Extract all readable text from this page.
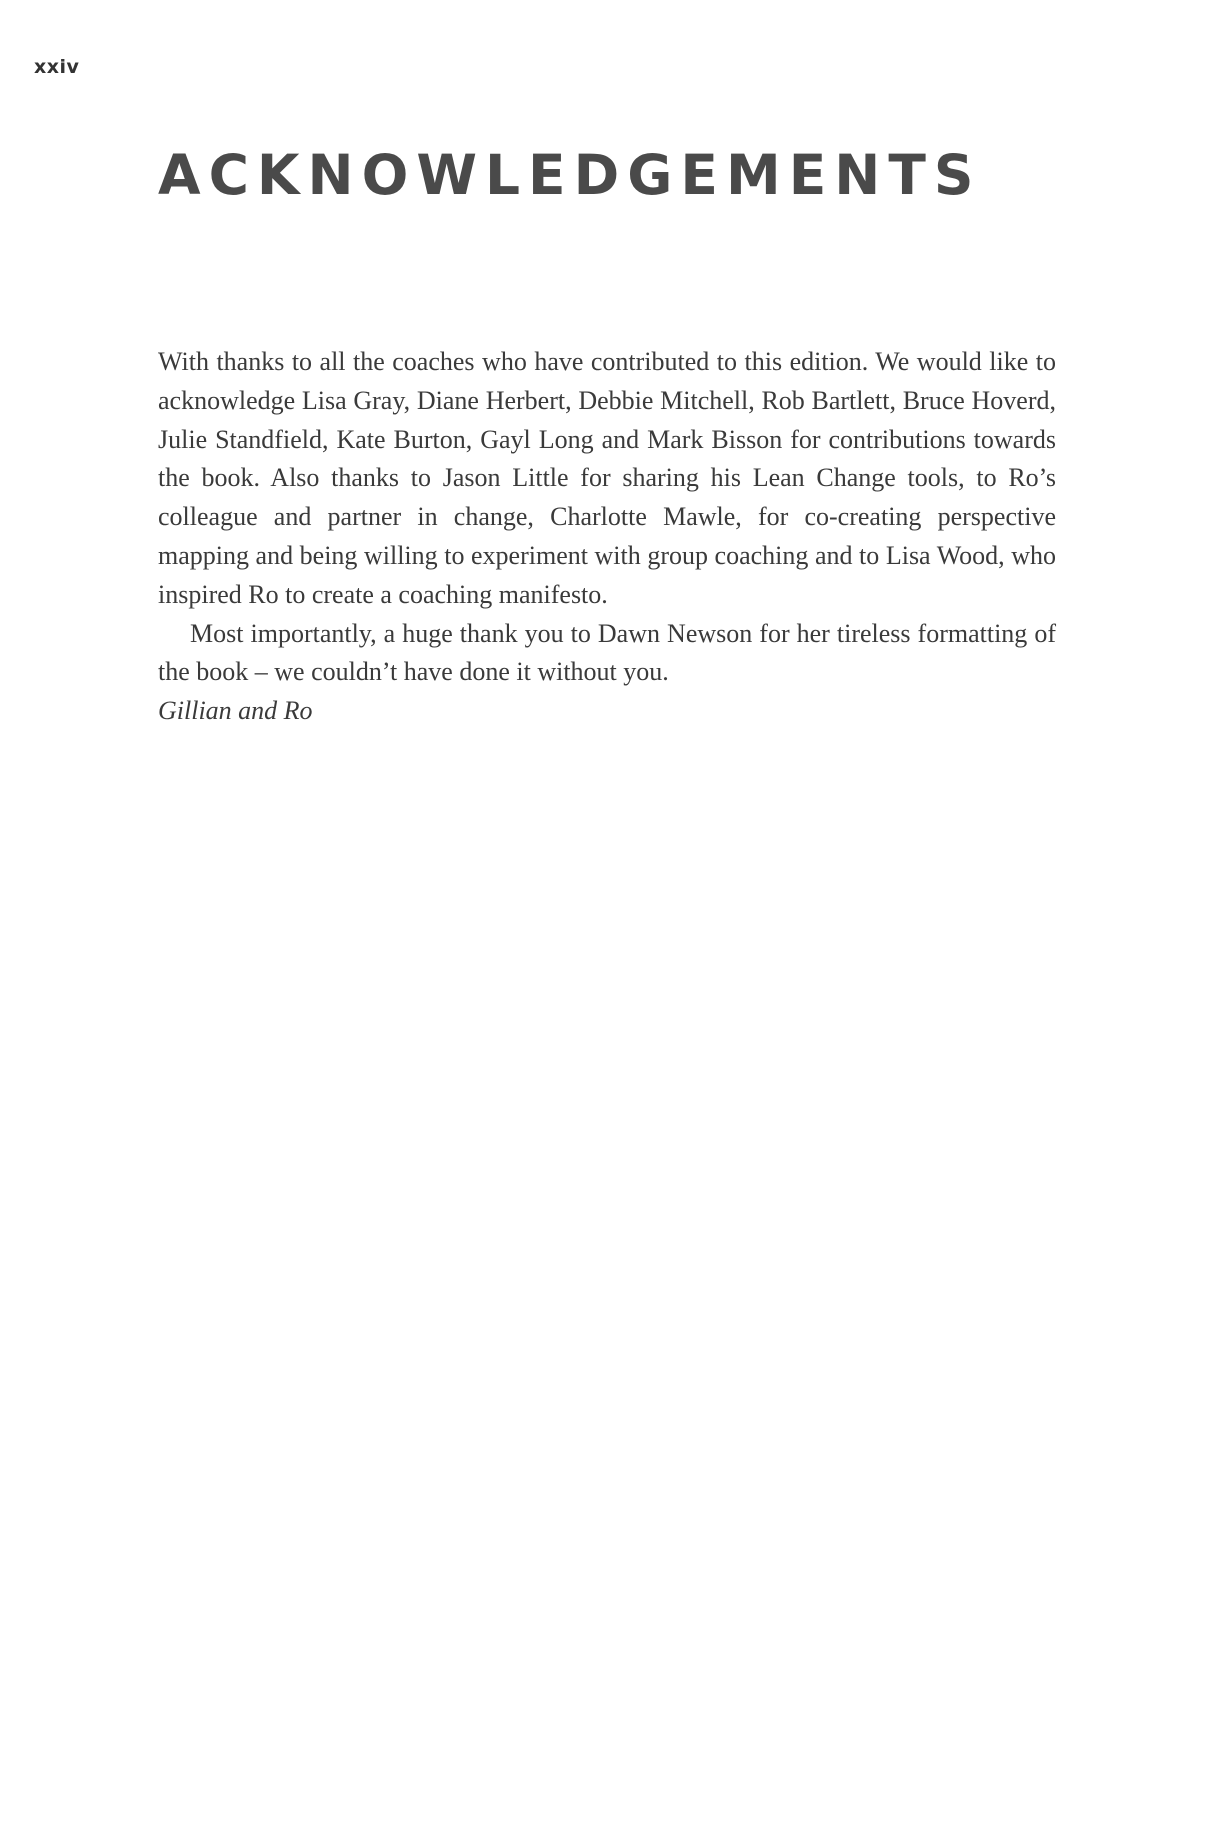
xxiv
ACKNOWLEDGEMENTS

With thanks to all the coaches who have contributed to this edition. We would like to acknowledge Lisa Gray, Diane Herbert, Debbie Mitchell, Rob Bartlett, Bruce Hoverd, Julie Standfield, Kate Burton, Gayl Long and Mark Bisson for contributions towards the book. Also thanks to Jason Little for sharing his Lean Change tools, to Ro’s colleague and partner in change, Charlotte Mawle, for co-creating perspective mapping and being willing to experiment with group coaching and to Lisa Wood, who inspired Ro to create a coaching manifesto.

Most importantly, a huge thank you to Dawn Newson for her tireless formatting of the book – we couldn’t have done it without you.

Gillian and Ro
